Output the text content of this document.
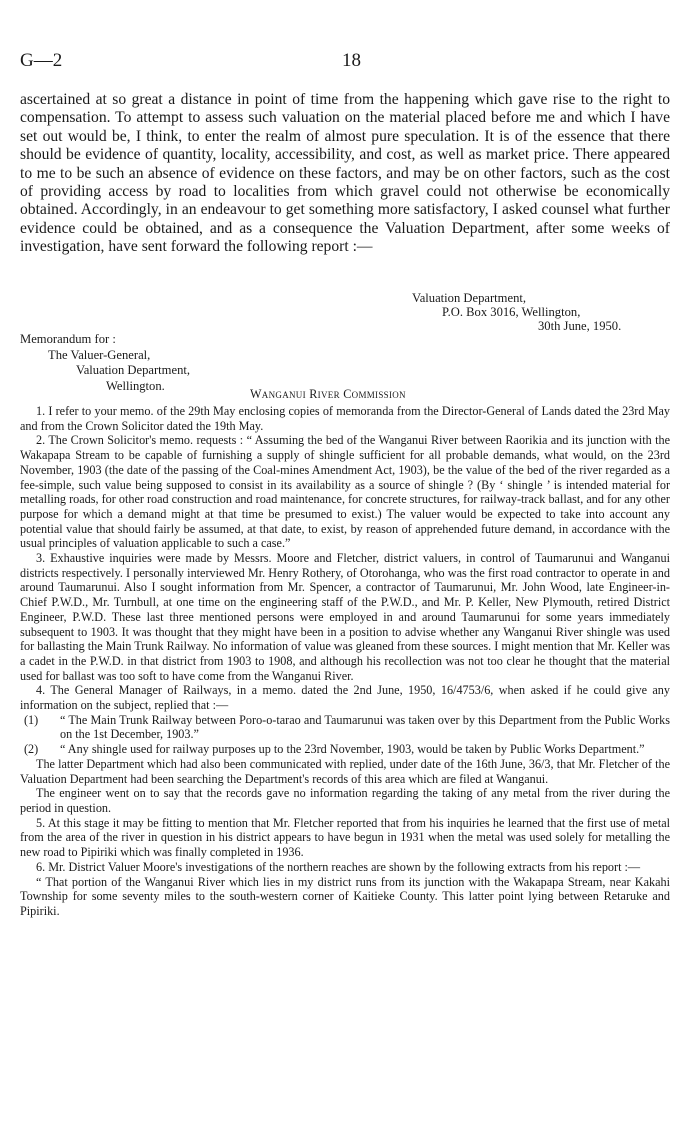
G—2	18

ascertained at so great a distance in point of time from the happening which gave rise to the right to compensation. To attempt to assess such valuation on the material placed before me and which I have set out would be, I think, to enter the realm of almost pure speculation. It is of the essence that there should be evidence of quantity, locality, accessibility, and cost, as well as market price. There appeared to me to be such an absence of evidence on these factors, and may be on other factors, such as the cost of providing access by road to localities from which gravel could not otherwise be economically obtained. Accordingly, in an endeavour to get something more satisfactory, I asked counsel what further evidence could be obtained, and as a consequence the Valuation Department, after some weeks of investigation, have sent forward the following report :—

Valuation Department,
P.O. Box 3016, Wellington,
30th June, 1950.
Memorandum for :
The Valuer-General,
Valuation Department,
Wellington.
Wanganui River Commission

1. I refer to your memo. of the 29th May enclosing copies of memoranda from the Director-General of Lands dated the 23rd May and from the Crown Solicitor dated the 19th May.

2. The Crown Solicitor's memo. requests : “ Assuming the bed of the Wanganui River between Raorikia and its junction with the Wakapapa Stream to be capable of furnishing a supply of shingle sufficient for all probable demands, what would, on the 23rd November, 1903 (the date of the passing of the Coal-mines Amendment Act, 1903), be the value of the bed of the river regarded as a fee-simple, such value being supposed to consist in its availability as a source of shingle ? (By ‘ shingle ’ is intended material for metalling roads, for other road construction and road maintenance, for concrete structures, for railway-track ballast, and for any other purpose for which a demand might at that time be presumed to exist.) The valuer would be expected to take into account any potential value that should fairly be assumed, at that date, to exist, by reason of apprehended future demand, in accordance with the usual principles of valuation applicable to such a case.”

3. Exhaustive inquiries were made by Messrs. Moore and Fletcher, district valuers, in control of Taumarunui and Wanganui districts respectively. I personally interviewed Mr. Henry Rothery, of Otorohanga, who was the first road contractor to operate in and around Taumarunui. Also I sought information from Mr. Spencer, a contractor of Taumarunui, Mr. John Wood, late Engineer-in-Chief P.W.D., Mr. Turnbull, at one time on the engineering staff of the P.W.D., and Mr. P. Keller, New Plymouth, retired District Engineer, P.W.D. These last three mentioned persons were employed in and around Taumarunui for some years immediately subsequent to 1903. It was thought that they might have been in a position to advise whether any Wanganui River shingle was used for ballasting the Main Trunk Railway. No information of value was gleaned from these sources. I might mention that Mr. Keller was a cadet in the P.W.D. in that district from 1903 to 1908, and although his recollection was not too clear he thought that the material used for ballast was too soft to have come from the Wanganui River.

4. The General Manager of Railways, in a memo. dated the 2nd June, 1950, 16/4753/6, when asked if he could give any information on the subject, replied that :—

(1) “ The Main Trunk Railway between Poro-o-tarao and Taumarunui was taken over by this Department from the Public Works on the 1st December, 1903.”

(2) “ Any shingle used for railway purposes up to the 23rd November, 1903, would be taken by Public Works Department.”

The latter Department which had also been communicated with replied, under date of the 16th June, 36/3, that Mr. Fletcher of the Valuation Department had been searching the Department's records of this area which are filed at Wanganui.

The engineer went on to say that the records gave no information regarding the taking of any metal from the river during the period in question.

5. At this stage it may be fitting to mention that Mr. Fletcher reported that from his inquiries he learned that the first use of metal from the area of the river in question in his district appears to have begun in 1931 when the metal was used solely for metalling the new road to Pipiriki which was finally completed in 1936.

6. Mr. District Valuer Moore's investigations of the northern reaches are shown by the following extracts from his report :—

“ That portion of the Wanganui River which lies in my district runs from its junction with the Wakapapa Stream, near Kakahi Township for some seventy miles to the south-western corner of Kaitieke County. This latter point lying between Retaruke and Pipiriki.
